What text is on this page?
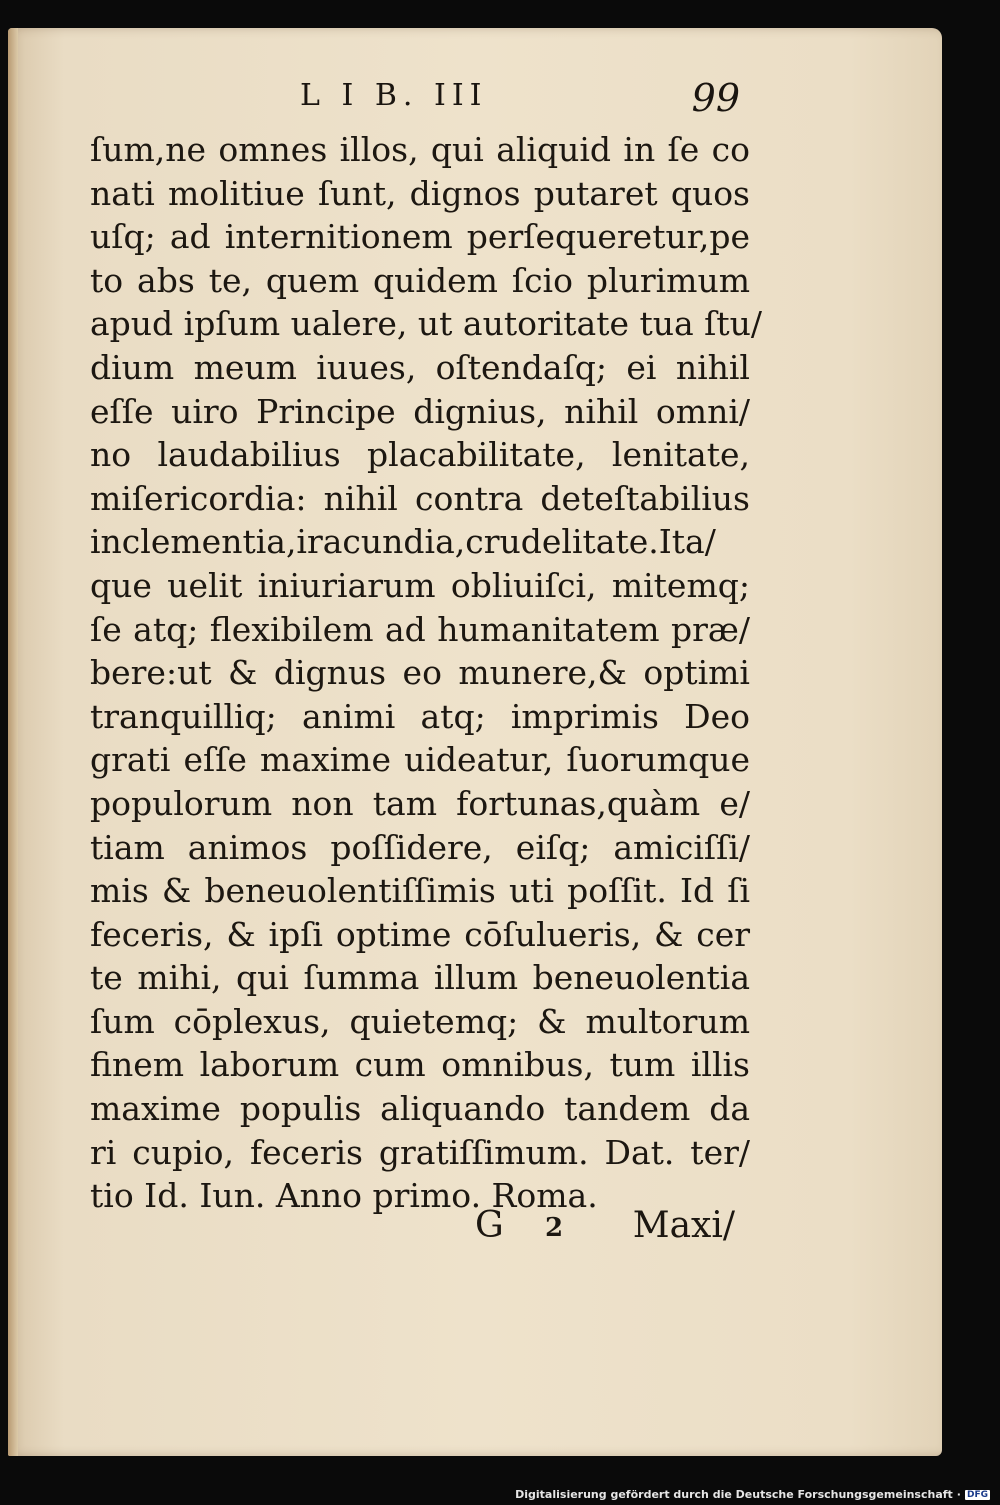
L I B. III	99
ſum,ne omnes illos, qui aliquid in ſe co
nati molitiue ſunt, dignos putaret quos
uſq; ad internitionem perſequeretur,pe
to abs te, quem quidem ſcio plurimum
apud ipſum ualere, ut autoritate tua ſtu/
dium meum iuues, oſtendaſq; ei nihil
eſſe uiro Principe dignius, nihil omni/
no laudabilius placabilitate, lenitate,
miſericordia: nihil contra deteſtabilius
inclementia,iracundia,crudelitate.Ita/
que uelit iniuriarum obliuiſci, mitemq;
ſe atq; flexibilem ad humanitatem præ/
bere:ut & dignus eo munere,& optimi
tranquilliq; animi atq; imprimis Deo
grati eſſe maxime uideatur, ſuorumque
populorum non tam fortunas,quàm e/
tiam animos poſſidere, eiſq; amiciſſi/
mis & beneuolentiſſimis uti poſſit. Id ſi
feceris, & ipſi optime cōſulueris, & cer
te mihi, qui ſumma illum beneuolentia
ſum cōplexus, quietemq; & multorum
finem laborum cum omnibus, tum illis
maxime populis aliquando tandem da
ri cupio, feceris gratiſſimum. Dat. ter/
tio Id. Iun. Anno primo. Roma.
G 2 Maxi/
Digitalisierung gefördert durch die Deutsche Forschungsgemeinschaft · DFG
